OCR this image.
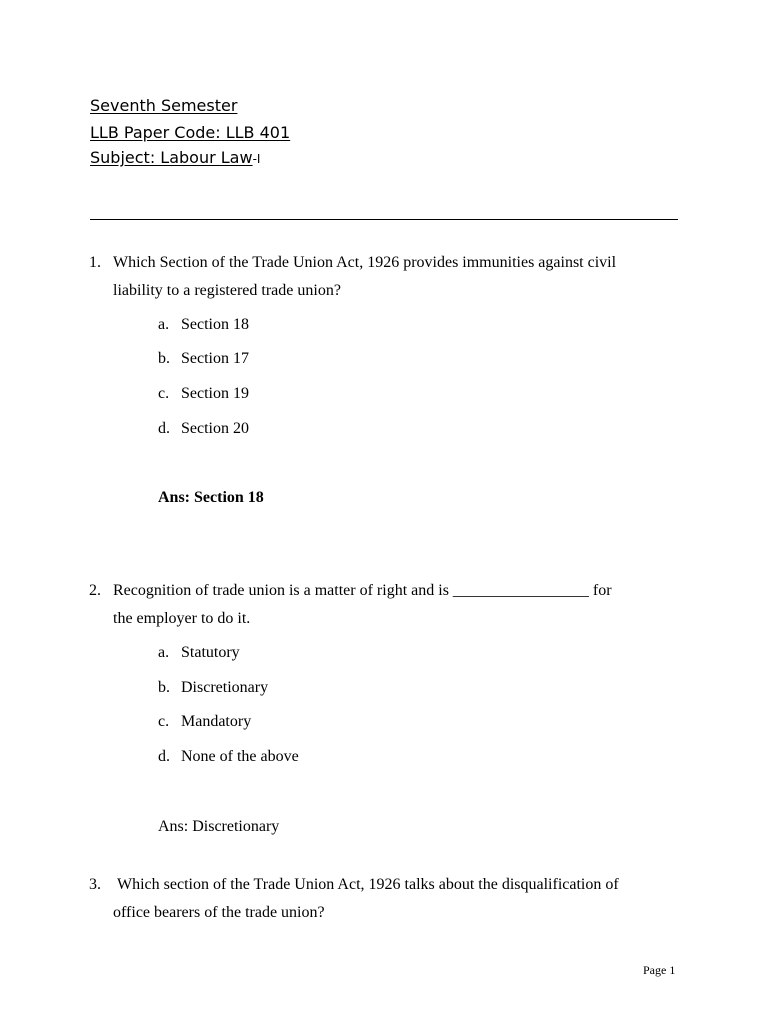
Seventh Semester
LLB Paper Code: LLB 401
Subject: Labour Law-I
1. Which Section of the Trade Union Act, 1926 provides immunities against civil
liability to a registered trade union?
a. Section 18
b. Section 17
c. Section 19
d. Section 20
Ans: Section 18
2. Recognition of trade union is a matter of right and is _________________ for
the employer to do it.
a. Statutory
b. Discretionary
c. Mandatory
d. None of the above
Ans: Discretionary
3. Which section of the Trade Union Act, 1926 talks about the disqualification of
office bearers of the trade union?
Page 1
